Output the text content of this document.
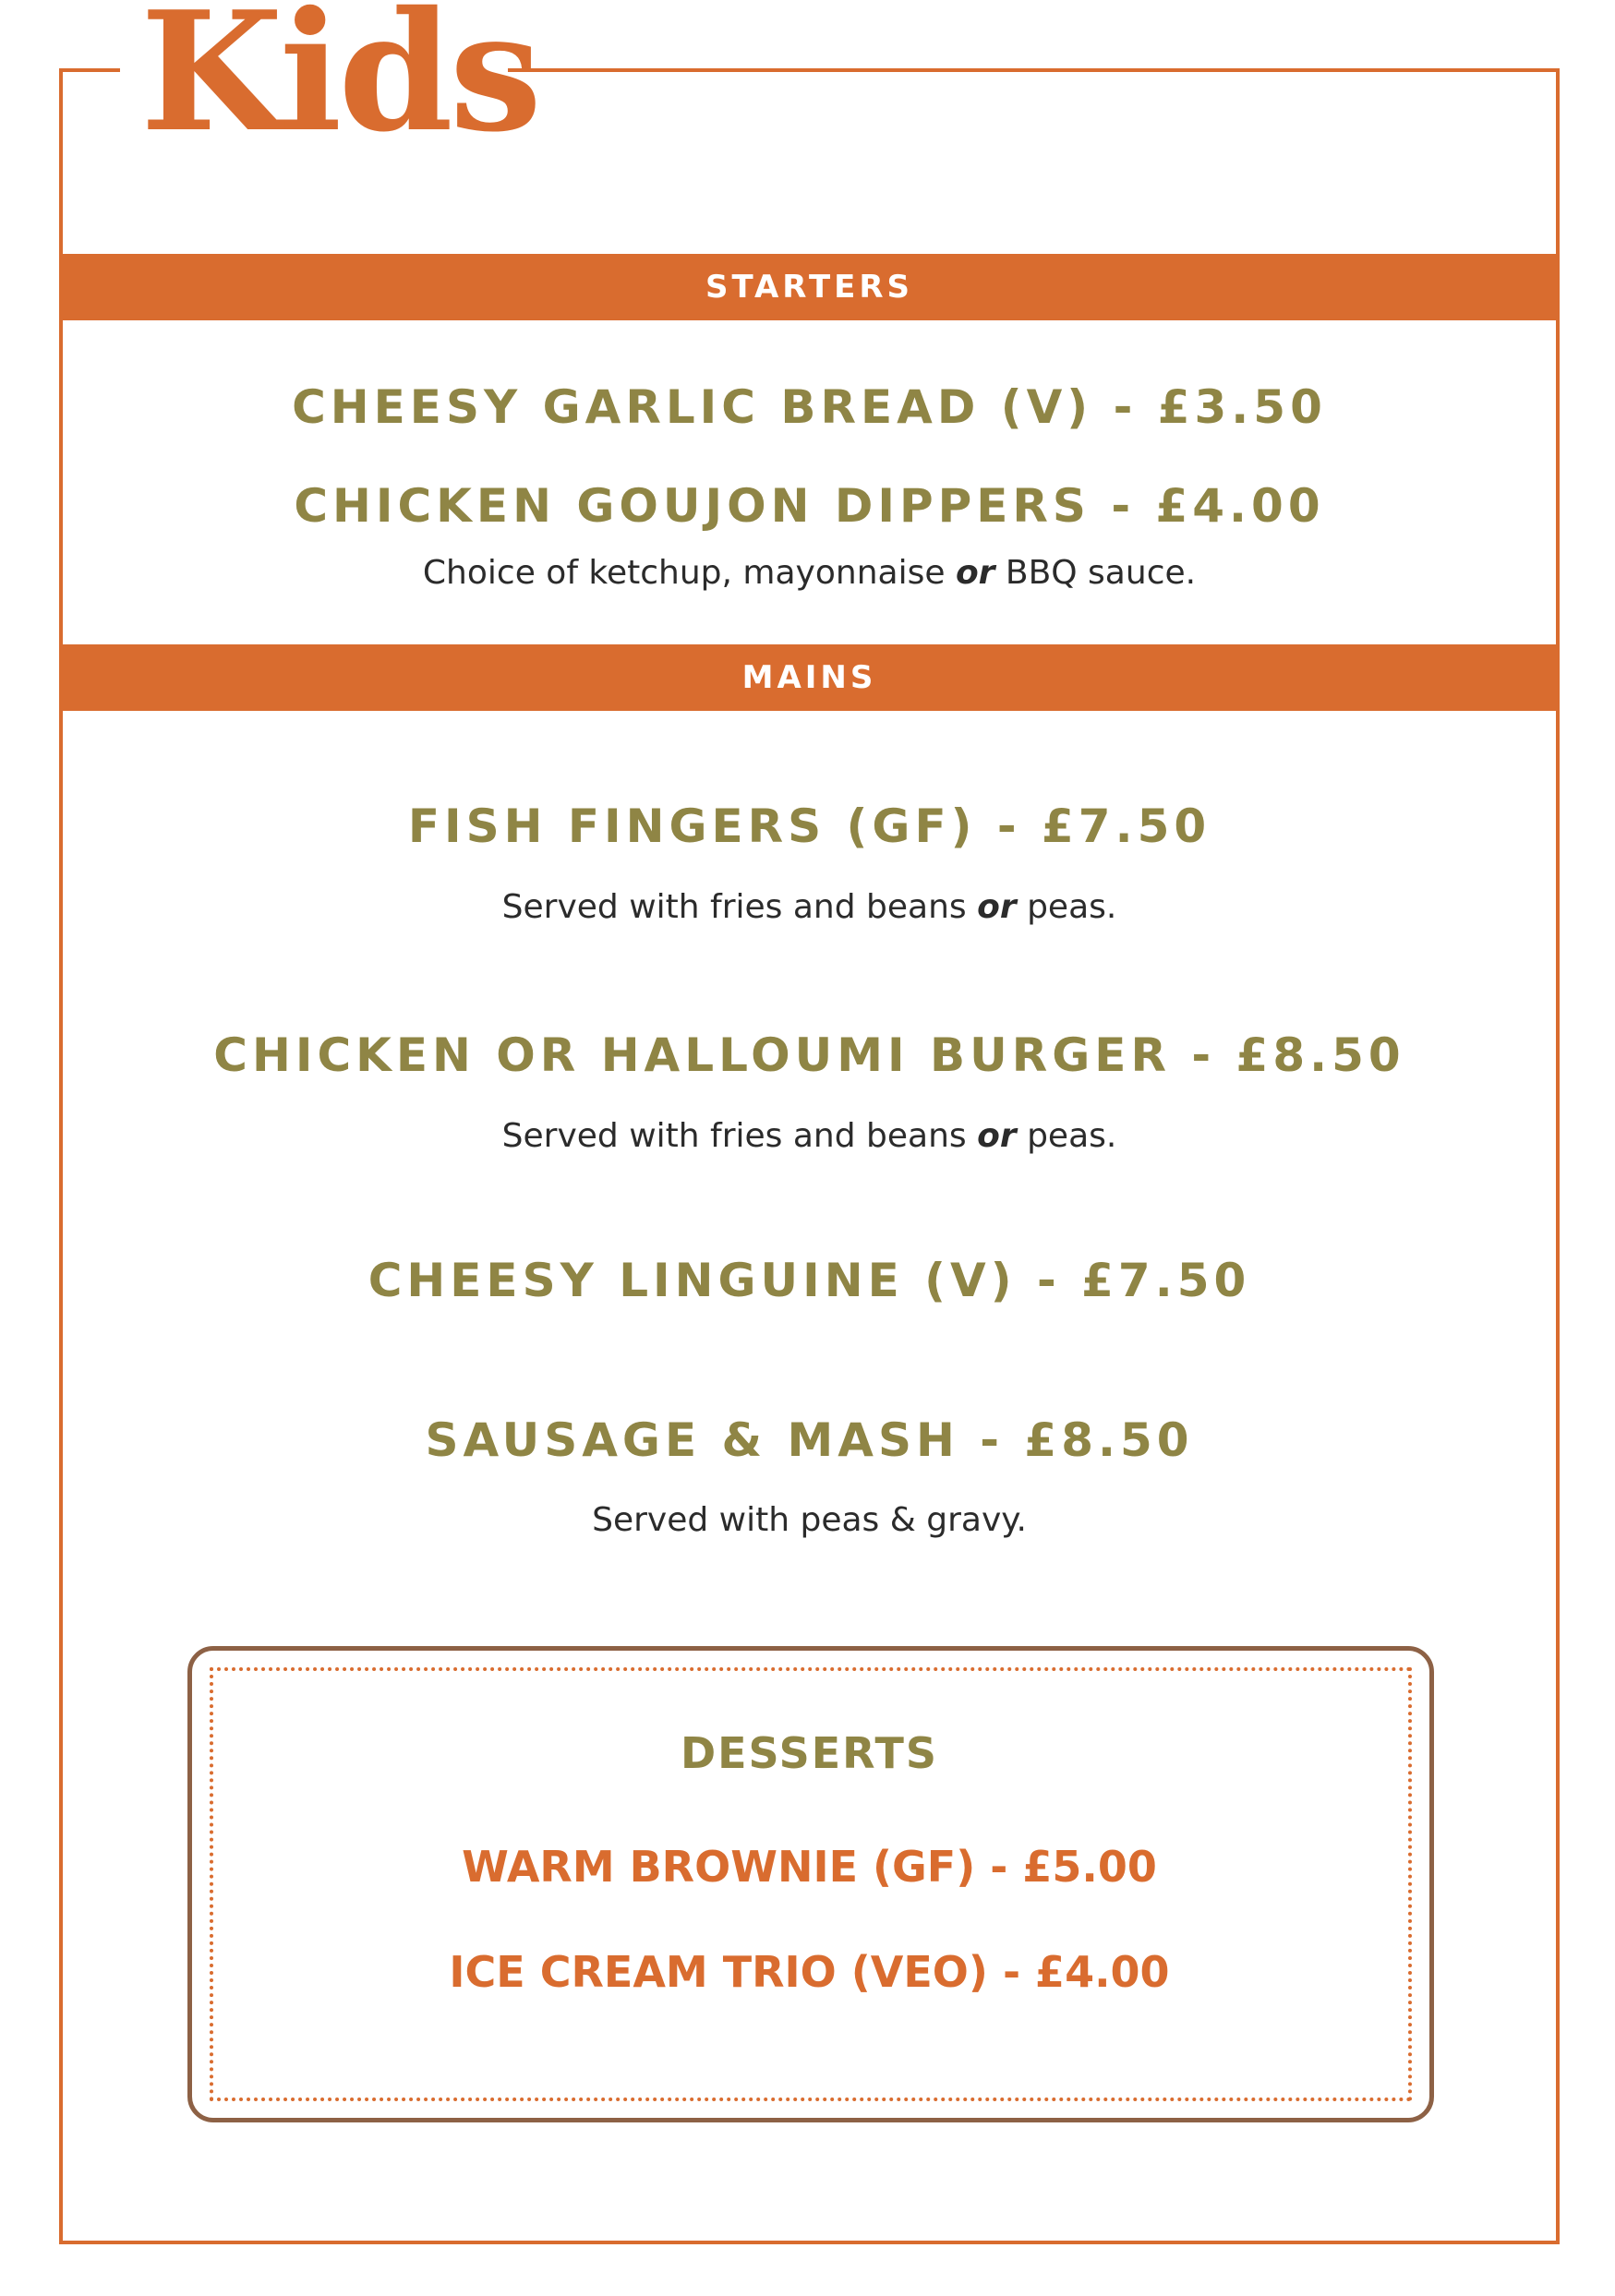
Kids
STARTERS
CHEESY GARLIC BREAD (V) - £3.50
CHICKEN GOUJON DIPPERS - £4.00
Choice of ketchup, mayonnaise or BBQ sauce.
MAINS
FISH FINGERS (GF) - £7.50
Served with fries and beans or peas.
CHICKEN OR HALLOUMI BURGER - £8.50
Served with fries and beans or peas.
CHEESY LINGUINE (V) - £7.50
SAUSAGE & MASH - £8.50
Served with peas & gravy.
DESSERTS
WARM BROWNIE (GF) - £5.00
ICE CREAM TRIO (VEO) - £4.00
